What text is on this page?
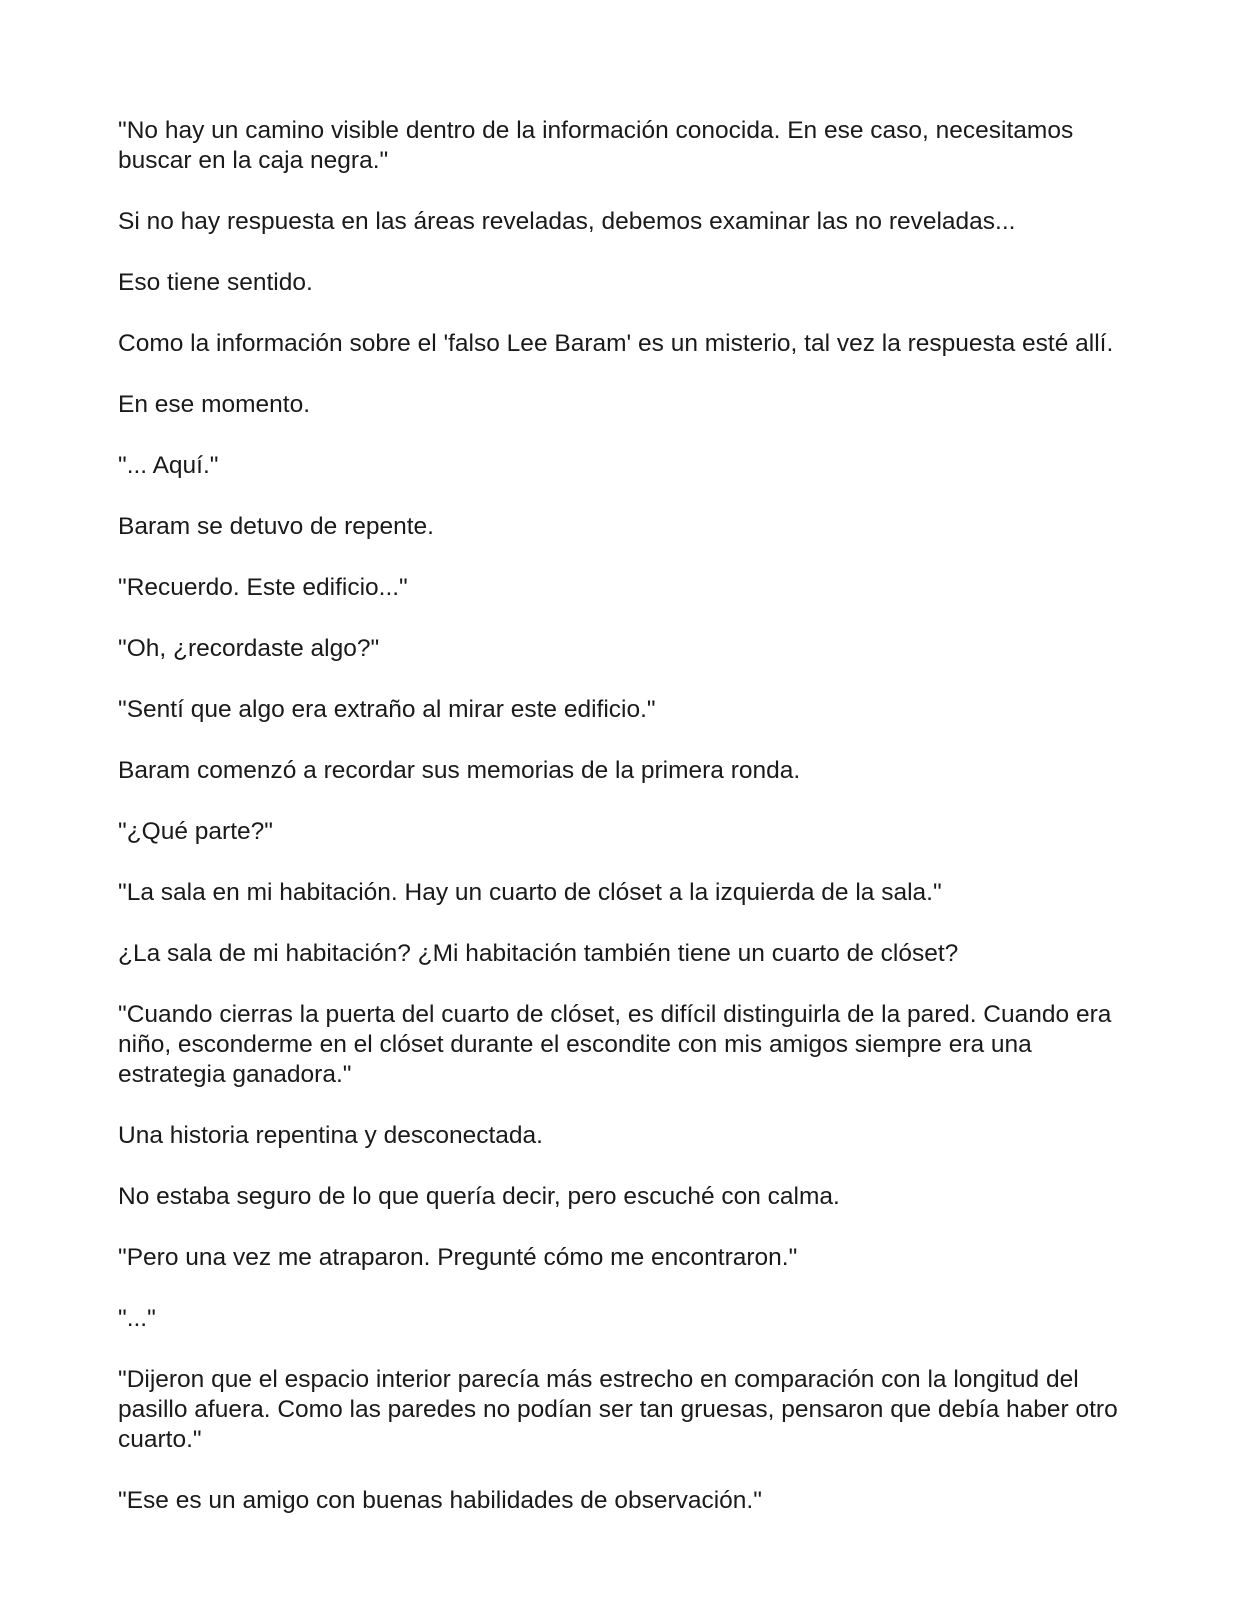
"No hay un camino visible dentro de la información conocida. En ese caso, necesitamos buscar en la caja negra."

Si no hay respuesta en las áreas reveladas, debemos examinar las no reveladas...

Eso tiene sentido.

Como la información sobre el 'falso Lee Baram' es un misterio, tal vez la respuesta esté allí.

En ese momento.

"... Aquí."

Baram se detuvo de repente.

"Recuerdo. Este edificio..."

"Oh, ¿recordaste algo?"

"Sentí que algo era extraño al mirar este edificio."

Baram comenzó a recordar sus memorias de la primera ronda.

"¿Qué parte?"

"La sala en mi habitación. Hay un cuarto de clóset a la izquierda de la sala."

¿La sala de mi habitación? ¿Mi habitación también tiene un cuarto de clóset?

"Cuando cierras la puerta del cuarto de clóset, es difícil distinguirla de la pared. Cuando era niño, esconderme en el clóset durante el escondite con mis amigos siempre era una estrategia ganadora."

Una historia repentina y desconectada.

No estaba seguro de lo que quería decir, pero escuché con calma.

"Pero una vez me atraparon. Pregunté cómo me encontraron."

"..."

"Dijeron que el espacio interior parecía más estrecho en comparación con la longitud del pasillo afuera. Como las paredes no podían ser tan gruesas, pensaron que debía haber otro cuarto."

"Ese es un amigo con buenas habilidades de observación."
